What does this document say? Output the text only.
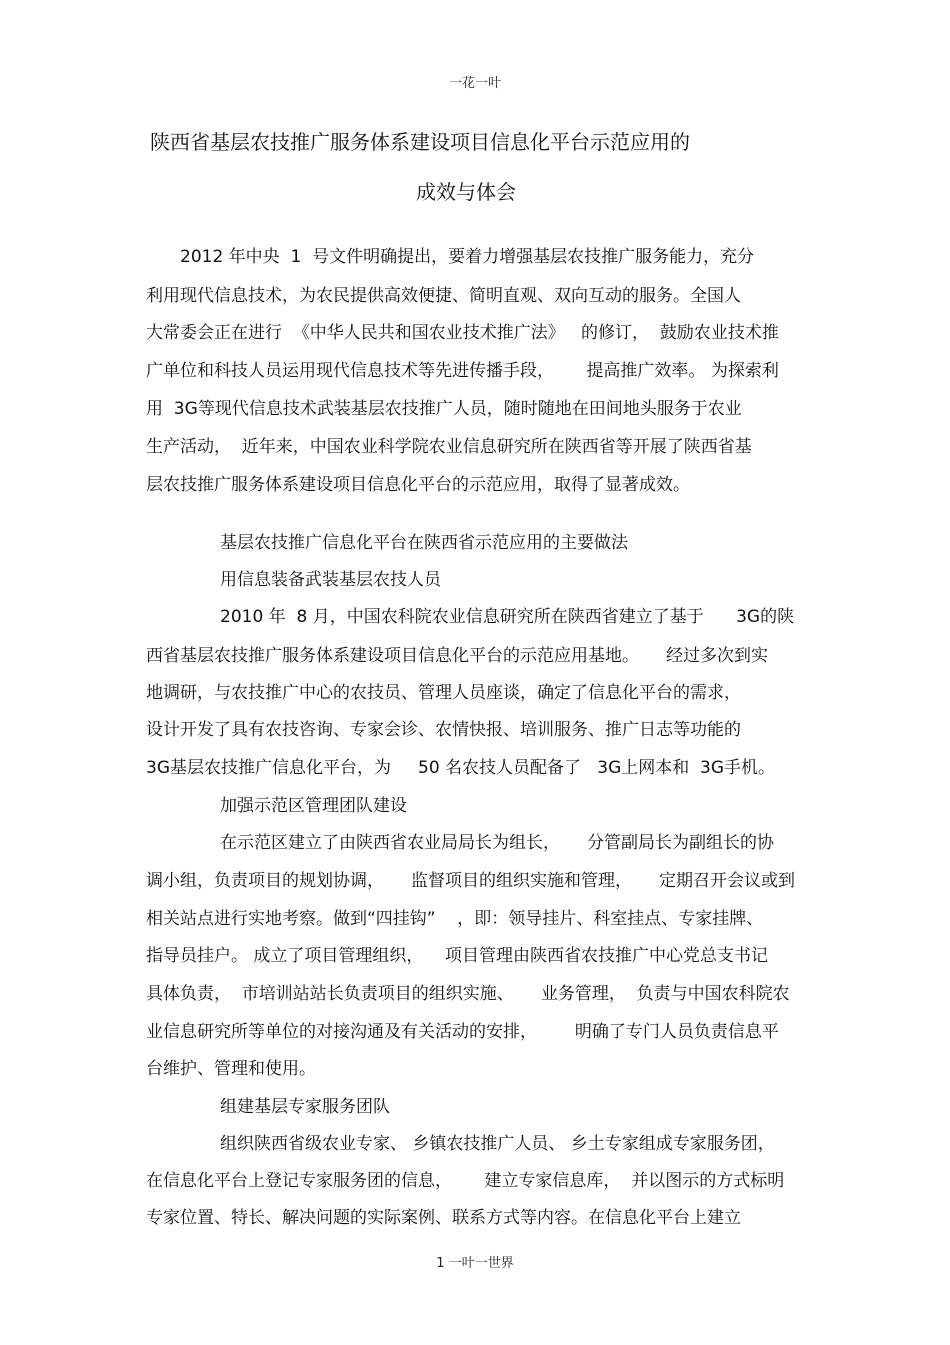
一花一叶
陕西省基层农技推广服务体系建设项目信息化平台示范应用的
成效与体会
2012 年中央  1  号文件明确提出，要着力增强基层农技推广服务能力，充分
利用现代信息技术，为农民提供高效便捷、简明直观、双向互动的服务。全国人
大常委会正在进行  《中华人民共和国农业技术推广法》   的修订，  鼓励农业技术推
广单位和科技人员运用现代信息技术等先进传播手段，      提高推广效率。 为探索利
用  3G等现代信息技术武装基层农技推广人员，随时随地在田间地头服务于农业
生产活动，  近年来，中国农业科学院农业信息研究所在陕西省等开展了陕西省基
层农技推广服务体系建设项目信息化平台的示范应用，取得了显著成效。
基层农技推广信息化平台在陕西省示范应用的主要做法
用信息装备武装基层农技人员
2010 年  8 月，中国农科院农业信息研究所在陕西省建立了基于      3G的陕
西省基层农技推广服务体系建设项目信息化平台的示范应用基地。     经过多次到实
地调研，与农技推广中心的农技员、管理人员座谈，确定了信息化平台的需求，
设计开发了具有农技咨询、专家会诊、农情快报、培训服务、推广日志等功能的
3G基层农技推广信息化平台，为     50 名农技人员配备了   3G上网本和  3G手机。
加强示范区管理团队建设
在示范区建立了由陕西省农业局局长为组长，     分管副局长为副组长的协
调小组，负责项目的规划协调，     监督项目的组织实施和管理，     定期召开会议或到
相关站点进行实地考察。做到“四挂钩”    ，即：领导挂片、科室挂点、专家挂牌、
指导员挂户。 成立了项目管理组织，    项目管理由陕西省农技推广中心党总支书记
具体负责，  市培训站站长负责项目的组织实施、     业务管理，  负责与中国农科院农
业信息研究所等单位的对接沟通及有关活动的安排，       明确了专门人员负责信息平
台维护、管理和使用。
组建基层专家服务团队
组织陕西省级农业专家、 乡镇农技推广人员、 乡土专家组成专家服务团，
在信息化平台上登记专家服务团的信息，      建立专家信息库，  并以图示的方式标明
专家位置、特长、解决问题的实际案例、联系方式等内容。在信息化平台上建立
1 一叶一世界
